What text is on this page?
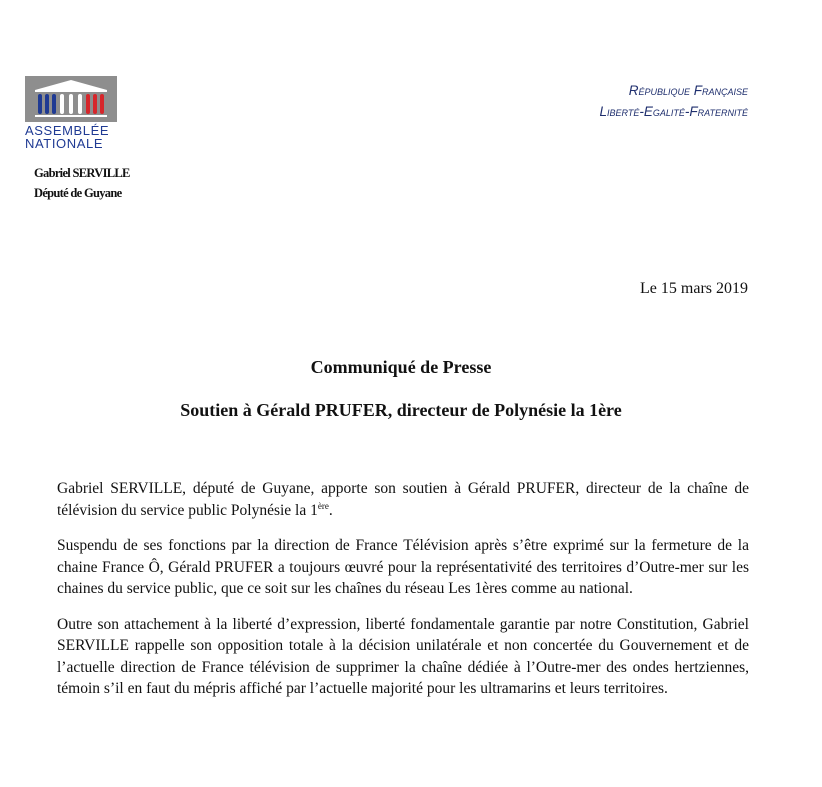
ASSEMBLÉE
NATIONALE
Gabriel SERVILLE
Député de Guyane
République Française
Liberté-Egalité-Fraternité
Le 15 mars 2019
Communiqué de Presse
Soutien à Gérald PRUFER, directeur de Polynésie la 1ère

Gabriel SERVILLE, député de Guyane, apporte son soutien à Gérald PRUFER, directeur de la chaîne de télévision du service public Polynésie la 1ère.

Suspendu de ses fonctions par la direction de France Télévision après s’être exprimé sur la fermeture de la chaine France Ô, Gérald PRUFER a toujours œuvré pour la représentativité des territoires d’Outre-mer sur les chaines du service public, que ce soit sur les chaînes du réseau Les 1ères comme au national.

Outre son attachement à la liberté d’expression, liberté fondamentale garantie par notre Constitution, Gabriel SERVILLE rappelle son opposition totale à la décision unilatérale et non concertée du Gouvernement et de l’actuelle direction de France télévision de supprimer la chaîne dédiée à l’Outre-mer des ondes hertziennes, témoin s’il en faut du mépris affiché par l’actuelle majorité pour les ultramarins et leurs territoires.
